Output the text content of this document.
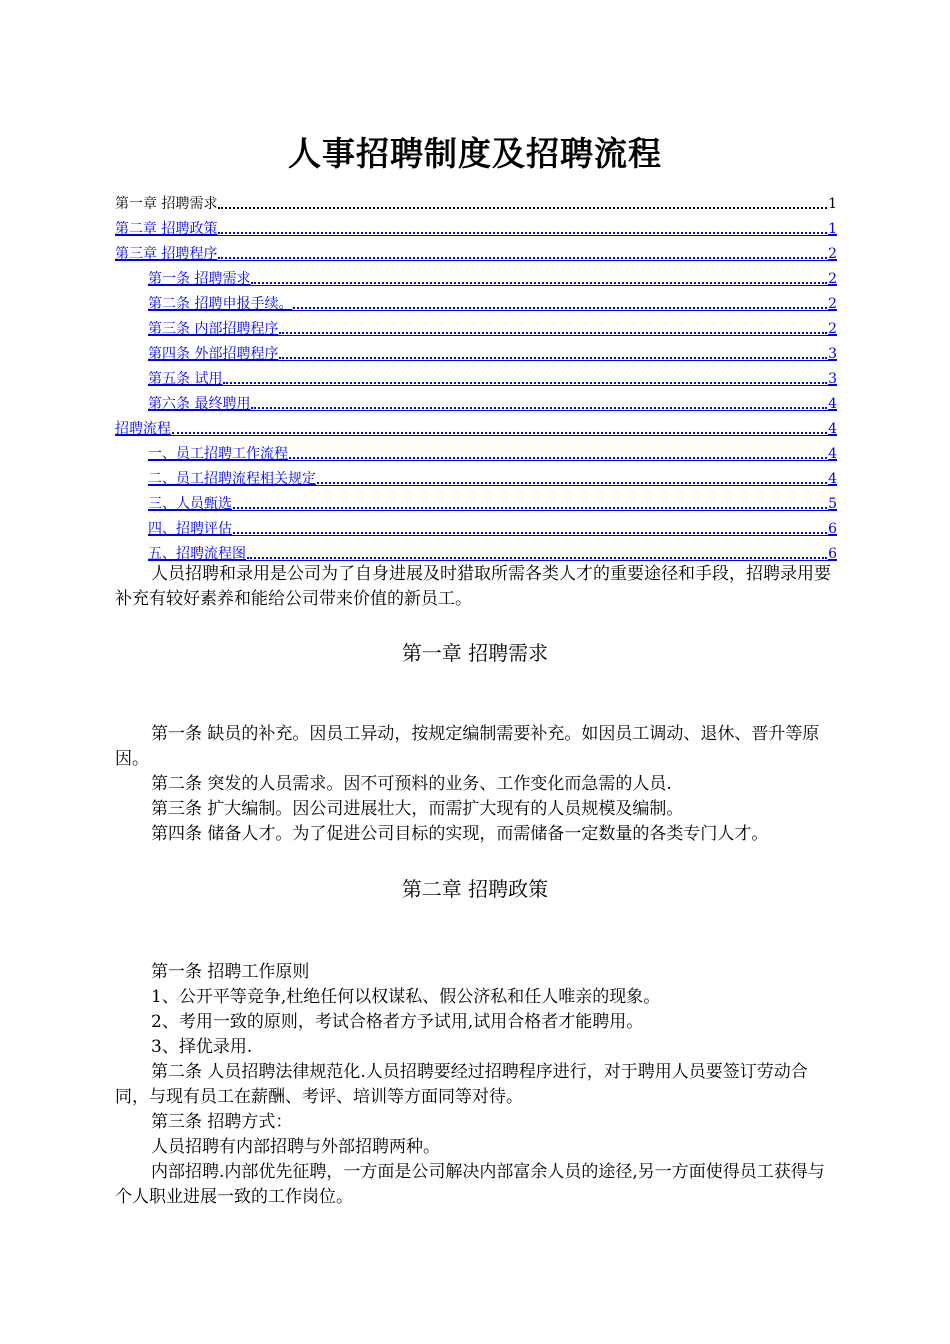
人事招聘制度及招聘流程
第一章 招聘需求	1
第二章 招聘政策	1
第三章 招聘程序	2
第一条 招聘需求	2
第二条 招聘申报手续。	2
第三条 内部招聘程序	2
第四条 外部招聘程序	3
第五条 试用	3
第六条 最终聘用	4
招聘流程	4
一、员工招聘工作流程	4
二、员工招聘流程相关规定	4
三、人员甄选	5
四、招聘评估	6
五、招聘流程图	6

人员招聘和录用是公司为了自身进展及时猎取所需各类人才的重要途径和手段，招聘录用要补充有较好素养和能给公司带来价值的新员工。

第一章 招聘需求

第一条 缺员的补充。因员工异动，按规定编制需要补充。如因员工调动、退休、晋升等原因。

第二条 突发的人员需求。因不可预料的业务、工作变化而急需的人员.

第三条 扩大编制。因公司进展壮大，而需扩大现有的人员规模及编制。

第四条 储备人才。为了促进公司目标的实现，而需储备一定数量的各类专门人才。

第二章 招聘政策

第一条 招聘工作原则

1、公开平等竞争,杜绝任何以权谋私、假公济私和任人唯亲的现象。

2、考用一致的原则，考试合格者方予试用,试用合格者才能聘用。

3、择优录用.

第二条 人员招聘法律规范化.人员招聘要经过招聘程序进行，对于聘用人员要签订劳动合同，与现有员工在薪酬、考评、培训等方面同等对待。

第三条 招聘方式：

人员招聘有内部招聘与外部招聘两种。

内部招聘.内部优先征聘，一方面是公司解决内部富余人员的途径,另一方面使得员工获得与个人职业进展一致的工作岗位。
